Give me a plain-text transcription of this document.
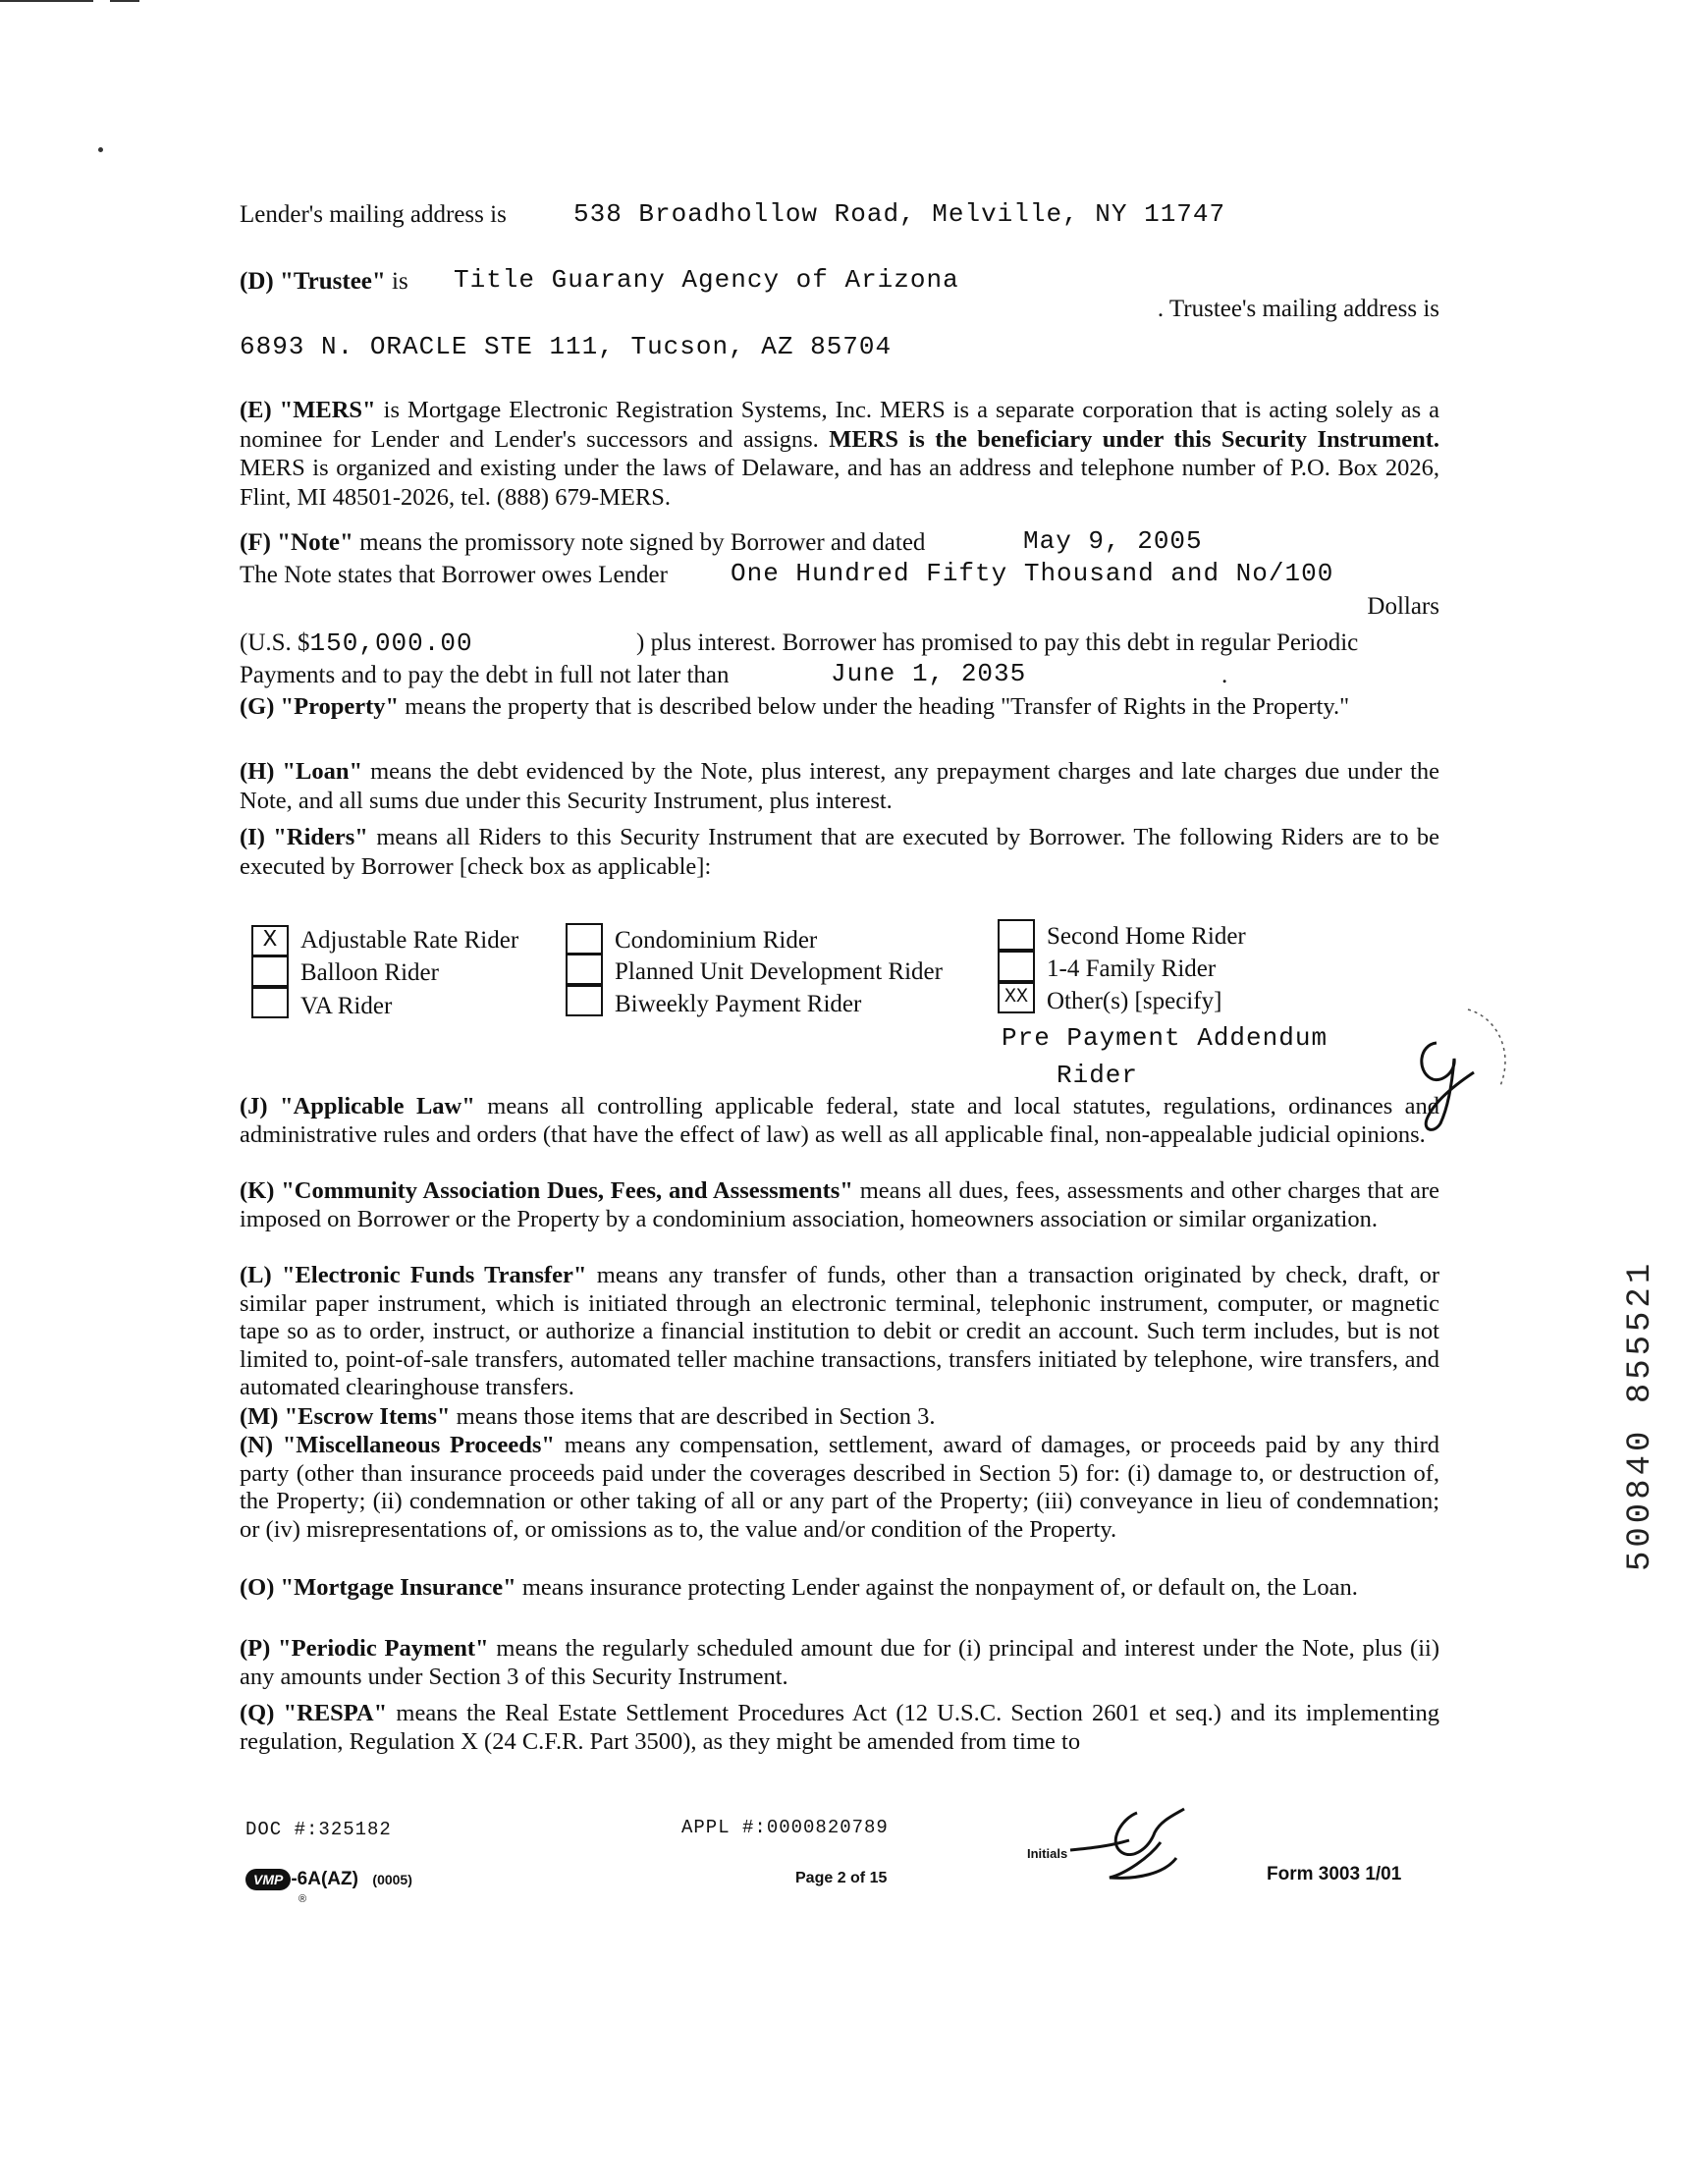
Lender's mailing address is	538 Broadhollow Road, Melville, NY 11747
(D) "Trustee" is Title Guarany Agency of Arizona
. Trustee's mailing address is
6893 N. ORACLE STE 111, Tucson, AZ 85704
(E) "MERS" is Mortgage Electronic Registration Systems, Inc. MERS is a separate corporation that is acting solely as a nominee for Lender and Lender's successors and assigns. MERS is the beneficiary under this Security Instrument. MERS is organized and existing under the laws of Delaware, and has an address and telephone number of P.O. Box 2026, Flint, MI 48501-2026, tel. (888) 679-MERS.
(F) "Note" means the promissory note signed by Borrower and dated	May 9, 2005
The Note states that Borrower owes Lender One Hundred Fifty Thousand and No/100
Dollars
(U.S. $150,000.00	) plus interest. Borrower has promised to pay this debt in regular Periodic
Payments and to pay the debt in full not later than	June 1, 2035	.
(G) "Property" means the property that is described below under the heading "Transfer of Rights in the Property."
(H) "Loan" means the debt evidenced by the Note, plus interest, any prepayment charges and late charges due under the Note, and all sums due under this Security Instrument, plus interest.
(I) "Riders" means all Riders to this Security Instrument that are executed by Borrower. The following Riders are to be executed by Borrower [check box as applicable]:
X Adjustable Rate Rider
Balloon Rider
VA Rider
Condominium Rider
Planned Unit Development Rider
Biweekly Payment Rider
Second Home Rider
1-4 Family Rider
XX Other(s) [specify]
Pre Payment Addendum
Rider
(J) "Applicable Law" means all controlling applicable federal, state and local statutes, regulations, ordinances and administrative rules and orders (that have the effect of law) as well as all applicable final, non-appealable judicial opinions.
(K) "Community Association Dues, Fees, and Assessments" means all dues, fees, assessments and other charges that are imposed on Borrower or the Property by a condominium association, homeowners association or similar organization.
(L) "Electronic Funds Transfer" means any transfer of funds, other than a transaction originated by check, draft, or similar paper instrument, which is initiated through an electronic terminal, telephonic instrument, computer, or magnetic tape so as to order, instruct, or authorize a financial institution to debit or credit an account. Such term includes, but is not limited to, point-of-sale transfers, automated teller machine transactions, transfers initiated by telephone, wire transfers, and automated clearinghouse transfers.
(M) "Escrow Items" means those items that are described in Section 3.
(N) "Miscellaneous Proceeds" means any compensation, settlement, award of damages, or proceeds paid by any third party (other than insurance proceeds paid under the coverages described in Section 5) for: (i) damage to, or destruction of, the Property; (ii) condemnation or other taking of all or any part of the Property; (iii) conveyance in lieu of condemnation; or (iv) misrepresentations of, or omissions as to, the value and/or condition of the Property.
(O) "Mortgage Insurance" means insurance protecting Lender against the nonpayment of, or default on, the Loan.
(P) "Periodic Payment" means the regularly scheduled amount due for (i) principal and interest under the Note, plus (ii) any amounts under Section 3 of this Security Instrument.
(Q) "RESPA" means the Real Estate Settlement Procedures Act (12 U.S.C. Section 2601 et seq.) and its implementing regulation, Regulation X (24 C.F.R. Part 3500), as they might be amended from time to
DOC #:325182	APPL #:0000820789
Initials
VMP -6A(AZ) (0005)
®
Page 2 of 15	Form 3003 1/01
500840 855521
